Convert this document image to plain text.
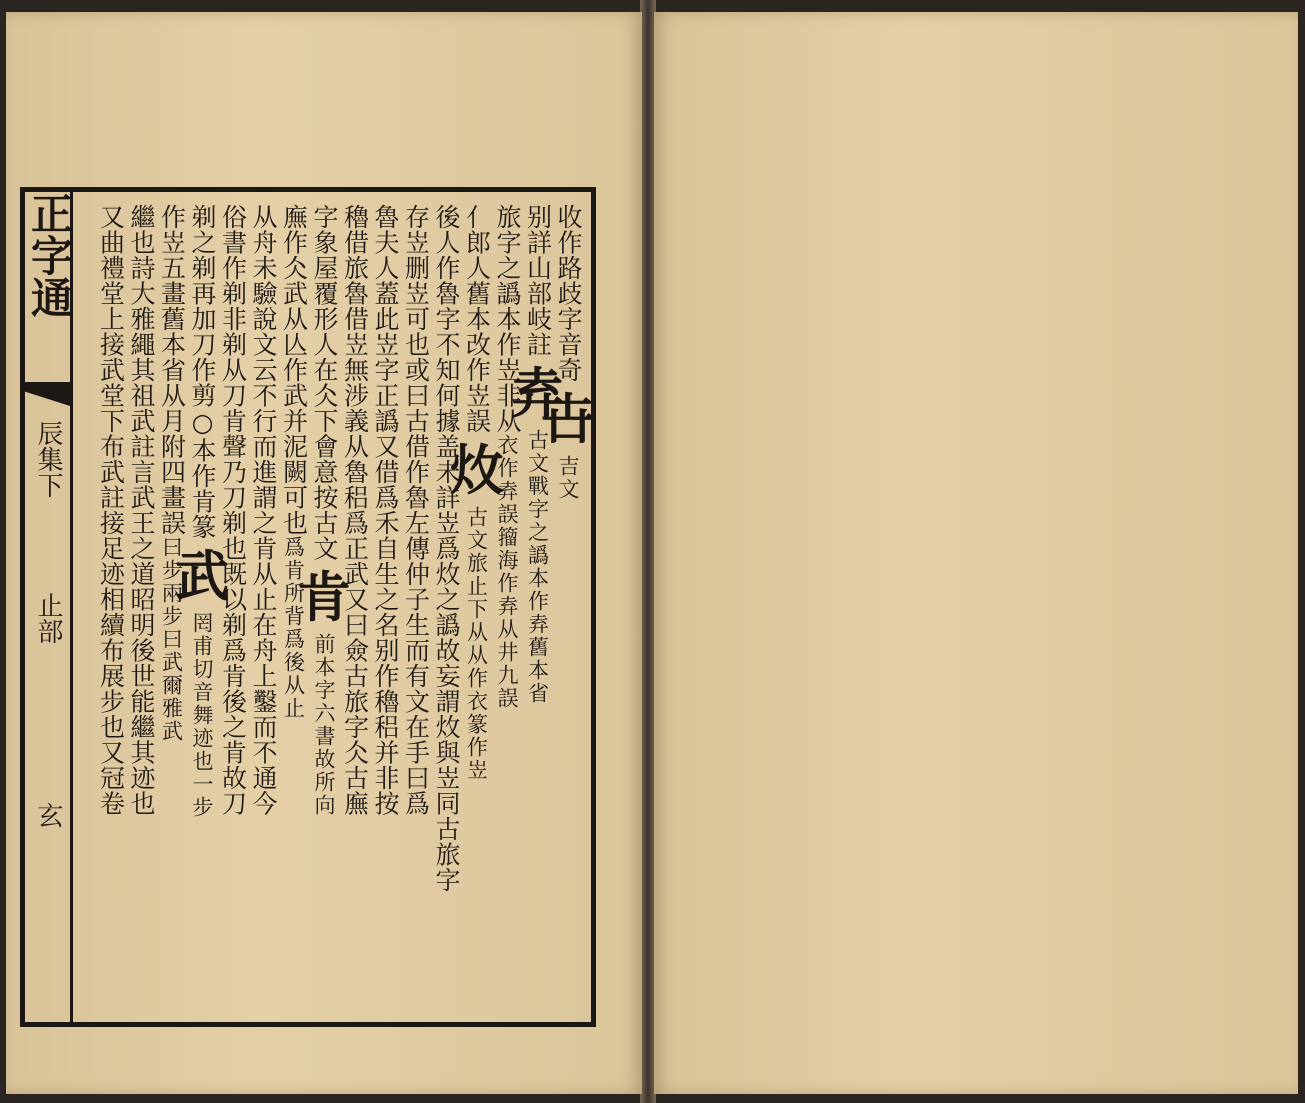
收作路歧字音奇
卋
吉文
别詳山部岐註
弆
古文戰字之譌本作弆舊本省
旅字之譌本作岦非从
衣作弆誤籀海作弆从井九誤
亻郎人舊本改作岦誤
炇
古文旅止下从从作衣篆作岦
後人作魯字不知何據盖未詳岦爲炇之譌故妄謂炇與岦同古旅字
存岦删岦可也或曰古借作魯左傳仲子生而有文在手曰爲
魯夫人蓋此岦字正譌又借爲禾自生之名别作穭稆并非按
穭借旅魯借岦無涉義从魯稆爲正武又曰僉古旅字仌古廡
字象屋覆形人在仌下會意按古文
肯
前本字六書故所向
廡作仌武从亾作武并泥闕可也
爲肯所背爲後从止
从舟未驗說文云不行而進謂之肯从止在舟上鑿而不通今
俗書作剃非剃从刀肯聲乃刀剃也既以剃爲肯後之肯故刀
剃之剃再加刀作剪○本作肯篆
武
罔甫切音舞迹也一步
作岦五畫舊本省从月附四畫誤
曰步兩步曰武爾雅武
繼也詩大雅繩其祖武註言武王之道昭明後世能繼其迹也
又曲禮堂上接武堂下布武註接足迹相續布展步也又冠卷
正字通
辰集下
止部
玄
